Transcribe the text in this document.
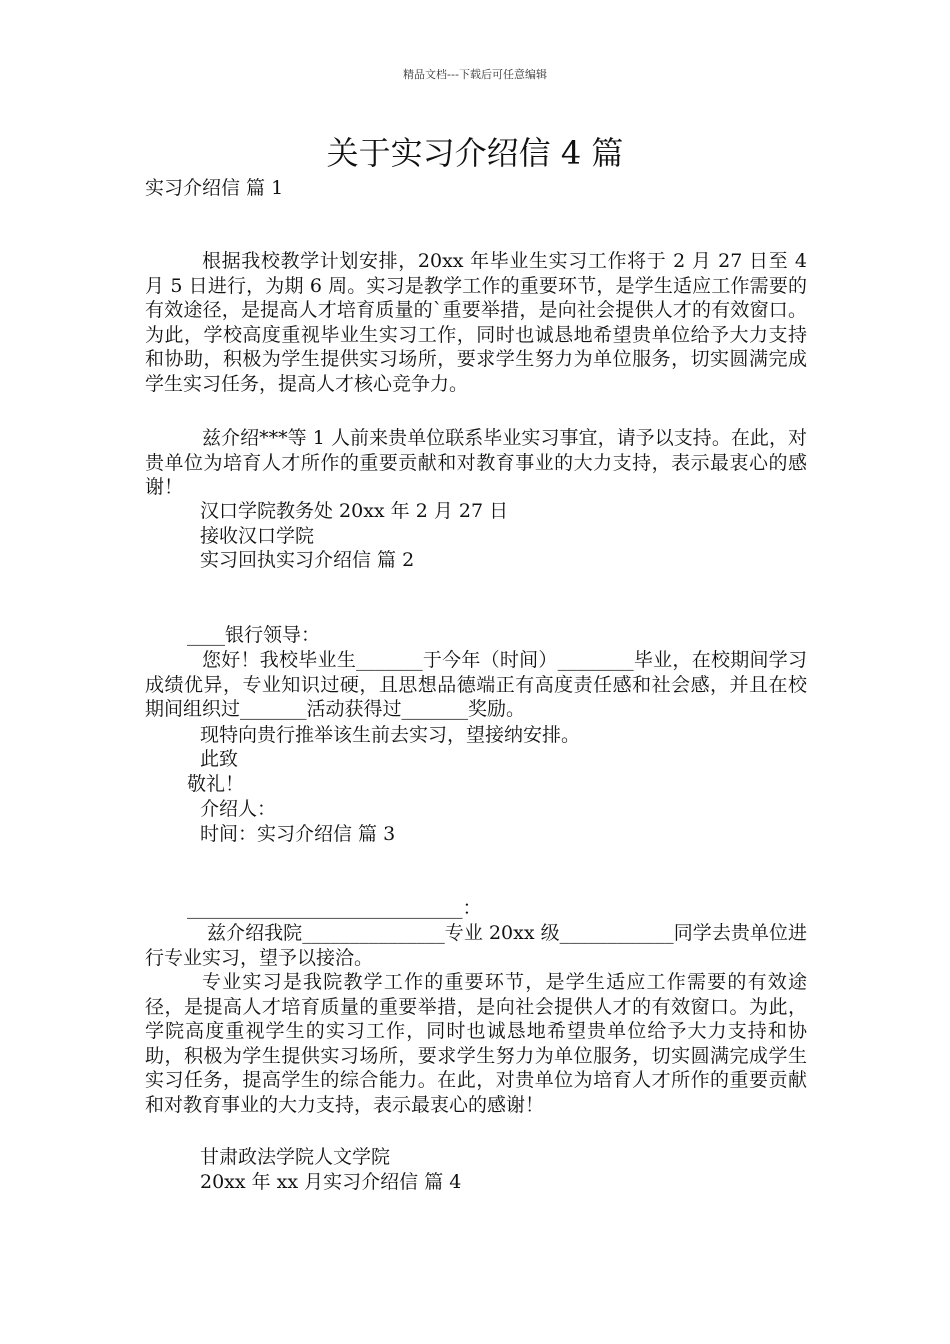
精品文档---下载后可任意编辑
关于实习介绍信 4 篇
实习介绍信 篇 1
根据我校教学计划安排，20xx 年毕业生实习工作将于 2 月 27 日至 4 月 5 日进行，为期 6 周。实习是教学工作的重要环节，是学生适应工作需要的有效途径，是提高人才培育质量的`重要举措，是向社会提供人才的有效窗口。为此，学校高度重视毕业生实习工作，同时也诚恳地希望贵单位给予大力支持和协助，积极为学生提供实习场所，要求学生努力为单位服务，切实圆满完成学生实习任务，提高人才核心竞争力。
兹介绍***等 1 人前来贵单位联系毕业实习事宜，请予以支持。在此，对贵单位为培育人才所作的重要贡献和对教育事业的大力支持，表示最衷心的感谢！
汉口学院教务处 20xx 年 2 月 27 日
接收汉口学院
实习回执实习介绍信 篇 2
____银行领导：
您好！我校毕业生_______于今年（时间）________毕业，在校期间学习成绩优异，专业知识过硬，且思想品德端正有高度责任感和社会感，并且在校期间组织过_______活动获得过_______奖励。
现特向贵行推举该生前去实习，望接纳安排。
此致
敬礼！
介绍人：
时间：实习介绍信 篇 3
_____________________________：
兹介绍我院_______________专业 20xx 级____________同学去贵单位进行专业实习，望予以接洽。
专业实习是我院教学工作的重要环节，是学生适应工作需要的有效途径，是提高人才培育质量的重要举措，是向社会提供人才的有效窗口。为此，学院高度重视学生的实习工作，同时也诚恳地希望贵单位给予大力支持和协助，积极为学生提供实习场所，要求学生努力为单位服务，切实圆满完成学生实习任务，提高学生的综合能力。在此，对贵单位为培育人才所作的重要贡献和对教育事业的大力支持，表示最衷心的感谢！
甘肃政法学院人文学院
20xx 年 xx 月实习介绍信 篇 4
